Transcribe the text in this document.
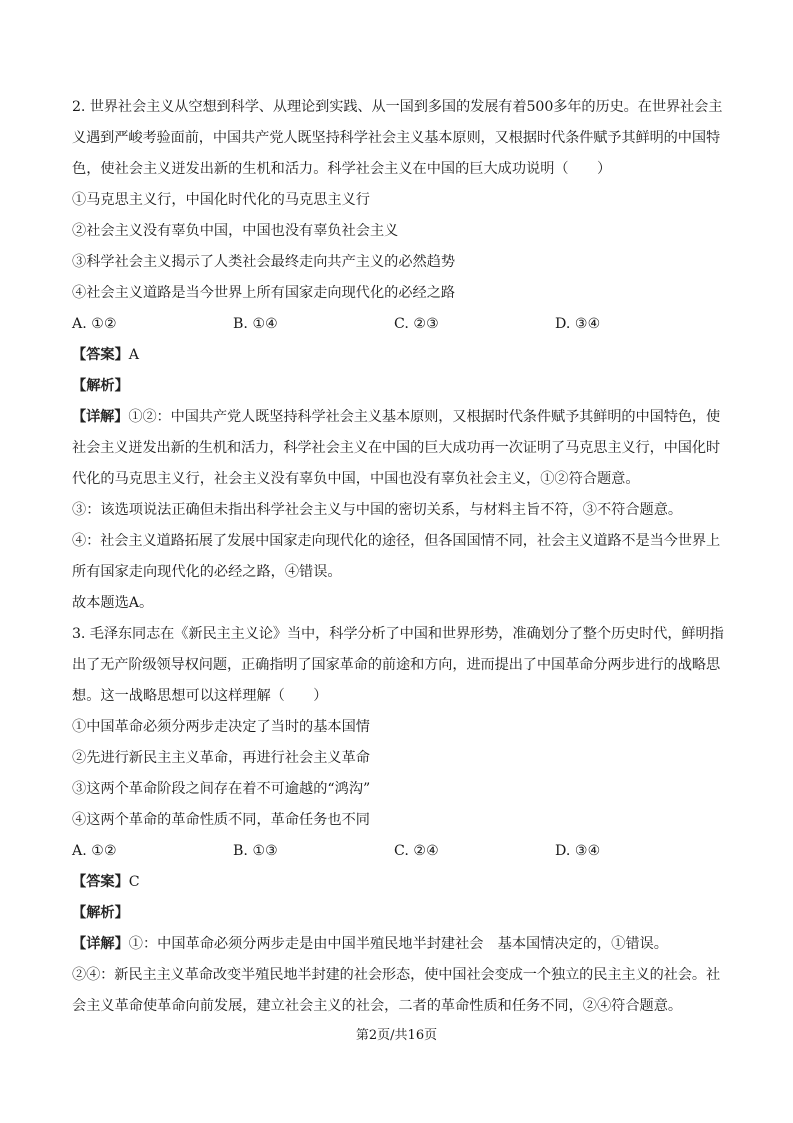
2. 世界社会主义从空想到科学、从理论到实践、从一国到多国的发展有着500多年的历史。在世界社会主
义遇到严峻考验面前，中国共产党人既坚持科学社会主义基本原则，又根据时代条件赋予其鲜明的中国特
色，使社会主义迸发出新的生机和活力。科学社会主义在中国的巨大成功说明（　　）
①马克思主义行，中国化时代化的马克思主义行
②社会主义没有辜负中国，中国也没有辜负社会主义
③科学社会主义揭示了人类社会最终走向共产主义的必然趋势
④社会主义道路是当今世界上所有国家走向现代化的必经之路
A. ①②	B. ①④	C. ②③	D. ③④
【答案】A
【解析】
【详解】①②：中国共产党人既坚持科学社会主义基本原则，又根据时代条件赋予其鲜明的中国特色，使
社会主义迸发出新的生机和活力，科学社会主义在中国的巨大成功再一次证明了马克思主义行，中国化时
代化的马克思主义行，社会主义没有辜负中国，中国也没有辜负社会主义，①②符合题意。
③：该选项说法正确但未指出科学社会主义与中国的密切关系，与材料主旨不符，③不符合题意。
④：社会主义道路拓展了发展中国家走向现代化的途径，但各国国情不同，社会主义道路不是当今世界上
所有国家走向现代化的必经之路，④错误。
故本题选A。
3. 毛泽东同志在《新民主主义论》当中，科学分析了中国和世界形势，准确划分了整个历史时代，鲜明指
出了无产阶级领导权问题，正确指明了国家革命的前途和方向，进而提出了中国革命分两步进行的战略思
想。这一战略思想可以这样理解（　　）
①中国革命必须分两步走决定了当时的基本国情
②先进行新民主主义革命，再进行社会主义革命
③这两个革命阶段之间存在着不可逾越的“鸿沟”
④这两个革命的革命性质不同，革命任务也不同
A. ①②	B. ①③	C. ②④	D. ③④
【答案】C
【解析】
【详解】①：中国革命必须分两步走是由中国半殖民地半封建社会　基本国情决定的，①错误。
②④：新民主主义革命改变半殖民地半封建的社会形态，使中国社会变成一个独立的民主主义的社会。社
会主义革命使革命向前发展，建立社会主义的社会，二者的革命性质和任务不同，②④符合题意。
第2页/共16页
